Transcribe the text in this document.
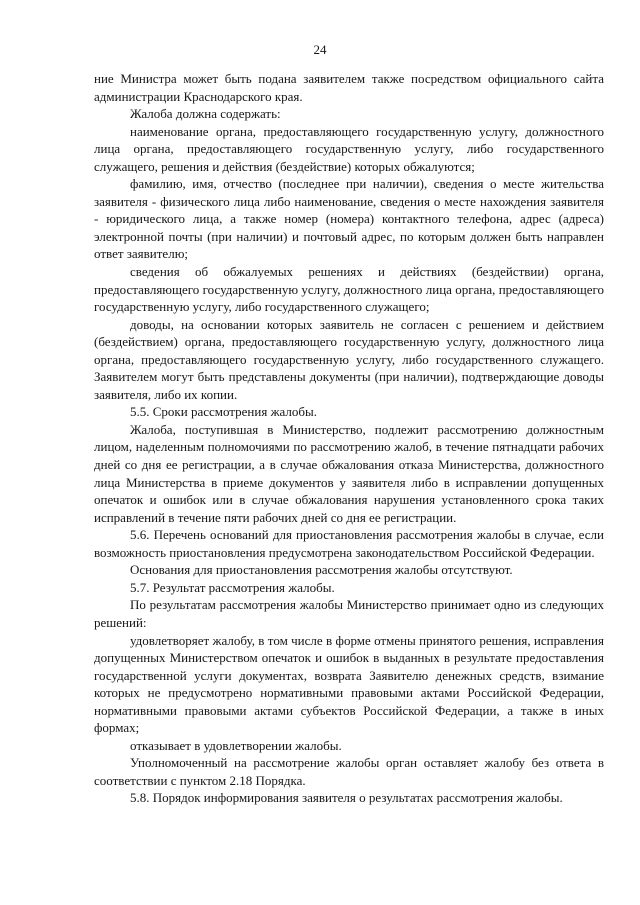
24

ние Министра может быть подана заявителем также посредством официального сайта администрации Краснодарского края.

Жалоба должна содержать:

наименование органа, предоставляющего государственную услугу, должностного лица органа, предоставляющего государственную услугу, либо государственного служащего, решения и действия (бездействие) которых обжалуются;

фамилию, имя, отчество (последнее при наличии), сведения о месте жительства заявителя - физического лица либо наименование, сведения о месте нахождения заявителя - юридического лица, а также номер (номера) контактного телефона, адрес (адреса) электронной почты (при наличии) и почтовый адрес, по которым должен быть направлен ответ заявителю;

сведения об обжалуемых решениях и действиях (бездействии) органа, предоставляющего государственную услугу, должностного лица органа, предоставляющего государственную услугу, либо государственного служащего;

доводы, на основании которых заявитель не согласен с решением и действием (бездействием) органа, предоставляющего государственную услугу, должностного лица органа, предоставляющего государственную услугу, либо государственного служащего. Заявителем могут быть представлены документы (при наличии), подтверждающие доводы заявителя, либо их копии.

5.5. Сроки рассмотрения жалобы.

Жалоба, поступившая в Министерство, подлежит рассмотрению должностным лицом, наделенным полномочиями по рассмотрению жалоб, в течение пятнадцати рабочих дней со дня ее регистрации, а в случае обжалования отказа Министерства, должностного лица Министерства в приеме документов у заявителя либо в исправлении допущенных опечаток и ошибок или в случае обжалования нарушения установленного срока таких исправлений в течение пяти рабочих дней со дня ее регистрации.

5.6. Перечень оснований для приостановления рассмотрения жалобы в случае, если возможность приостановления предусмотрена законодательством Российской Федерации.

Основания для приостановления рассмотрения жалобы отсутствуют.

5.7. Результат рассмотрения жалобы.

По результатам рассмотрения жалобы Министерство принимает одно из следующих решений:

удовлетворяет жалобу, в том числе в форме отмены принятого решения, исправления допущенных Министерством опечаток и ошибок в выданных в результате предоставления государственной услуги документах, возврата Заявителю денежных средств, взимание которых не предусмотрено нормативными правовыми актами Российской Федерации, нормативными правовыми актами субъектов Российской Федерации, а также в иных формах;

отказывает в удовлетворении жалобы.

Уполномоченный на рассмотрение жалобы орган оставляет жалобу без ответа в соответствии с пунктом 2.18 Порядка.

5.8. Порядок информирования заявителя о результатах рассмотрения жалобы.
